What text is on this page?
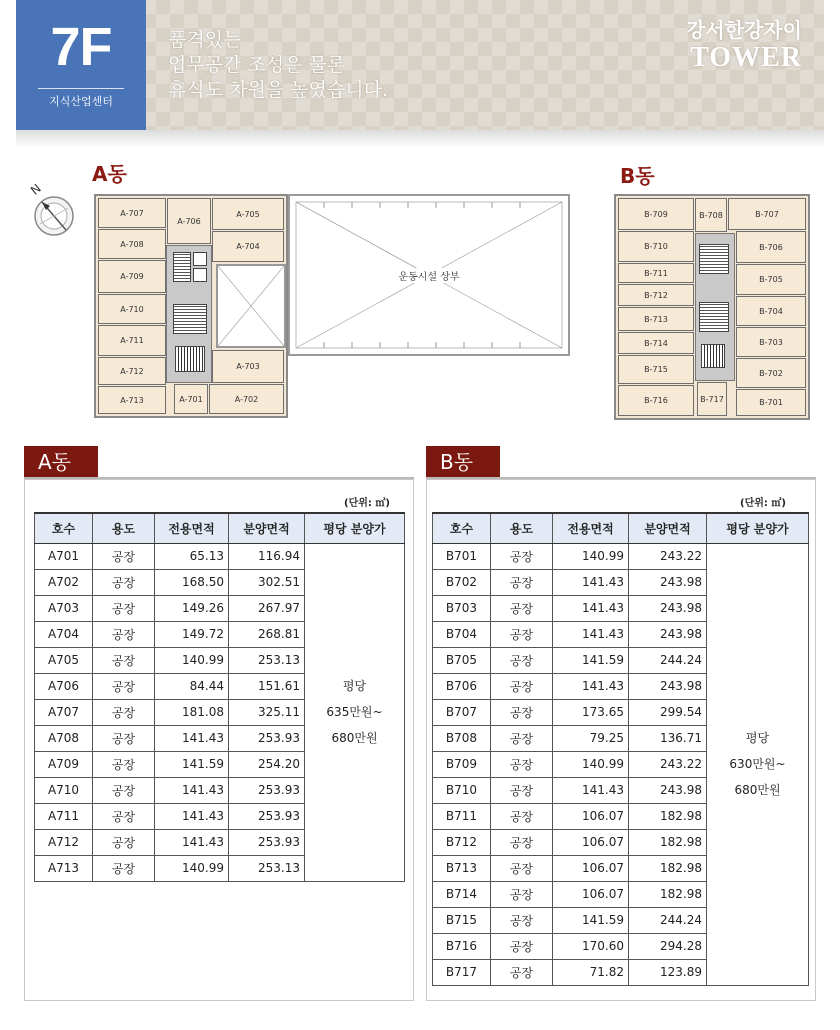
7F
지식산업센터
품격있는
업무공간 조성은 물론
휴식도 차원을 높였습니다.
강서한강자이
TOWER
A동	B동
N
A-707
A-708
A-709
A-710
A-711
A-712
A-713
A-706
A-701
A-705
A-704
A-703
A-702
운동시설 상부
B-709
B-710
B-711
B-712
B-713
B-714
B-715
B-716
B-708
B-717
B-707
B-706
B-705
B-704
B-703
B-702
B-701
A동
(단위: ㎡)
호수	용도	전용면적	분양면적	평당 분양가
A701	공장	65.13	116.94	평당
635만원~
680만원

A702	공장	168.50	302.51	
A703	공장	149.26	267.97	
A704	공장	149.72	268.81	
A705	공장	140.99	253.13	
A706	공장	84.44	151.61	
A707	공장	181.08	325.11	
A708	공장	141.43	253.93	
A709	공장	141.59	254.20	
A710	공장	141.43	253.93	
A711	공장	141.43	253.93	
A712	공장	141.43	253.93	
A713	공장	140.99	253.13	
B동
(단위: ㎡)
호수	용도	전용면적	분양면적	평당 분양가
B701	공장	140.99	243.22	평당
630만원~
680만원

B702	공장	141.43	243.98	
B703	공장	141.43	243.98	
B704	공장	141.43	243.98	
B705	공장	141.59	244.24	
B706	공장	141.43	243.98	
B707	공장	173.65	299.54	
B708	공장	79.25	136.71	
B709	공장	140.99	243.22	
B710	공장	141.43	243.98	
B711	공장	106.07	182.98	
B712	공장	106.07	182.98	
B713	공장	106.07	182.98	
B714	공장	106.07	182.98	
B715	공장	141.59	244.24	
B716	공장	170.60	294.28	
B717	공장	71.82	123.89	
